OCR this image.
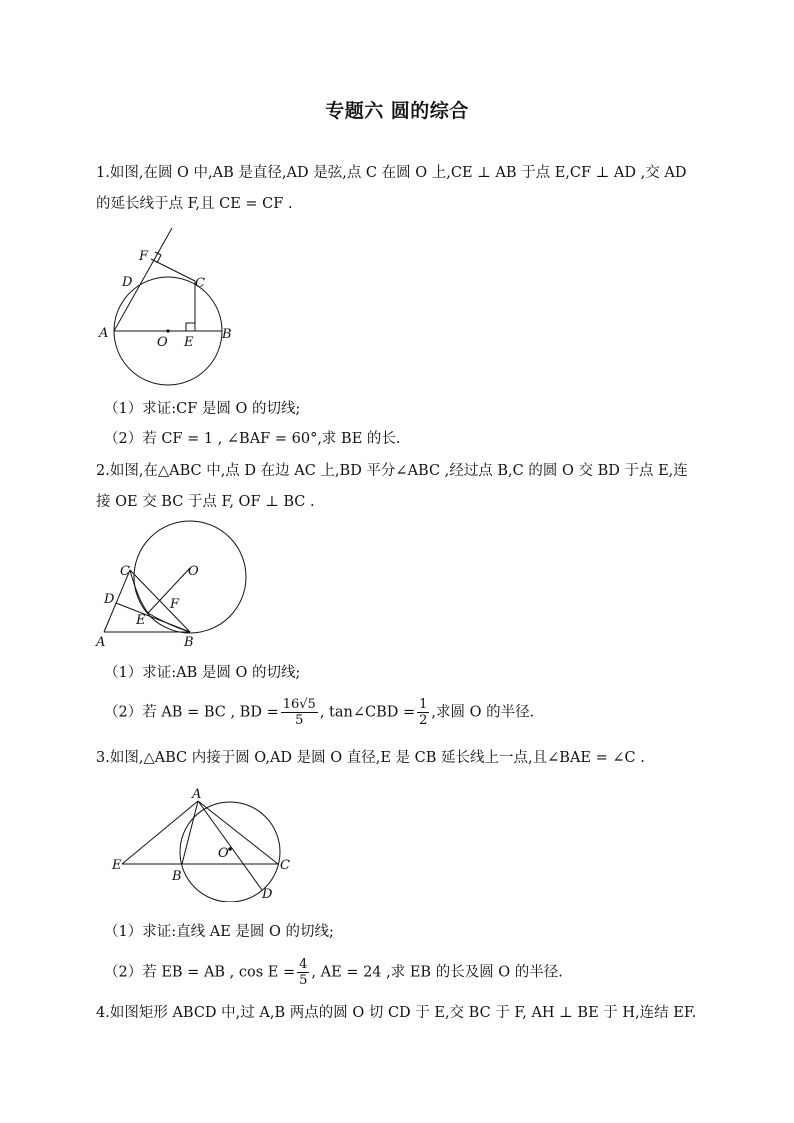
专题六 圆的综合
1.如图,在圆 O 中,AB 是直径,AD 是弦,点 C 在圆 O 上,CE ⊥ AB 于点 E,CF ⊥ AD ,交 AD
的延长线于点 F,且 CE = CF .
F
D	C
A
O E
B
（1）求证:CF 是圆 O 的切线;
（2）若 CF = 1 , ∠BAF = 60°,求 BE 的长.
2.如图,在△ABC 中,点 D 在边 AC 上,BD 平分∠ABC ,经过点 B,C 的圆 O 交 BD 于点 E,连
接 OE 交 BC 于点 F, OF ⊥ BC .
C	O
D	F
E
A	B
（1）求证:AB 是圆 O 的切线;
（2）若 AB = BC , BD = $\frac{16√5}{5}$ , tan∠CBD = $\frac{1}{2}$ ,求圆 O 的半径.
3.如图,△ABC 内接于圆 O,AD 是圆 O 直径,E 是 CB 延长线上一点,且∠BAE = ∠C .
A
O
E
B
C
D
（1）求证:直线 AE 是圆 O 的切线;
（2）若 EB = AB , $\cos E = \frac{4}{5}$ , AE = 24 ,求 EB 的长及圆 O 的半径.
4.如图矩形 ABCD 中,过 A,B 两点的圆 O 切 CD 于 E,交 BC 于 F, AH ⊥ BE 于 H,连结 EF.
